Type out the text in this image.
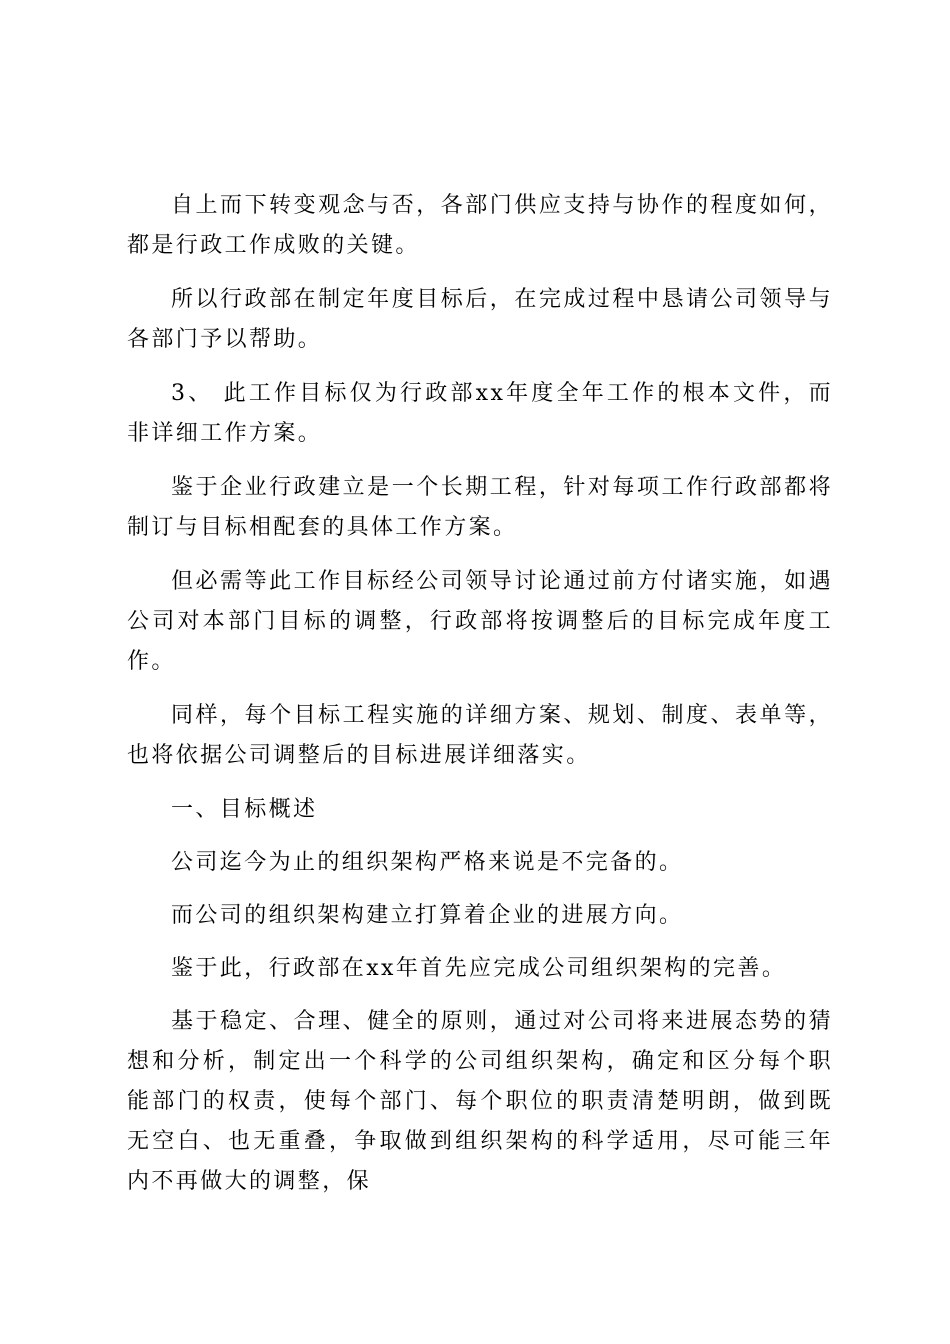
自上而下转变观念与否，各部门供应支持与协作的程度如何，都是行政工作成败的关键。

所以行政部在制定年度目标后，在完成过程中恳请公司领导与各部门予以帮助。

3、 此工作目标仅为行政部xx年度全年工作的根本文件，而非详细工作方案。

鉴于企业行政建立是一个长期工程，针对每项工作行政部都将制订与目标相配套的具体工作方案。

但必需等此工作目标经公司领导讨论通过前方付诸实施，如遇公司对本部门目标的调整，行政部将按调整后的目标完成年度工作。

同样，每个目标工程实施的详细方案、规划、制度、表单等，也将依据公司调整后的目标进展详细落实。

一、目标概述

公司迄今为止的组织架构严格来说是不完备的。

而公司的组织架构建立打算着企业的进展方向。

鉴于此，行政部在xx年首先应完成公司组织架构的完善。

基于稳定、合理、健全的原则，通过对公司将来进展态势的猜想和分析，制定出一个科学的公司组织架构，确定和区分每个职能部门的权责，使每个部门、每个职位的职责清楚明朗，做到既无空白、也无重叠，争取做到组织架构的科学适用，尽可能三年内不再做大的调整，保
